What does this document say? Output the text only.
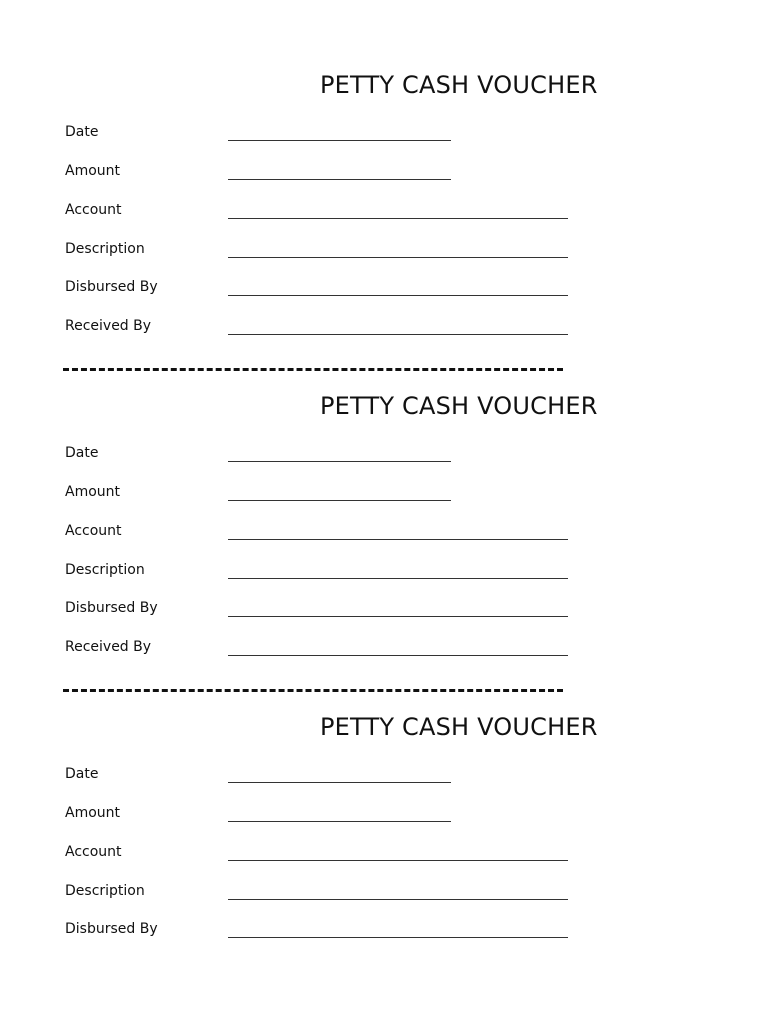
PETTY CASH VOUCHER
Date
Amount
Account
Description
Disbursed By
Received By
PETTY CASH VOUCHER
Date
Amount
Account
Description
Disbursed By
Received By
PETTY CASH VOUCHER
Date
Amount
Account
Description
Disbursed By
